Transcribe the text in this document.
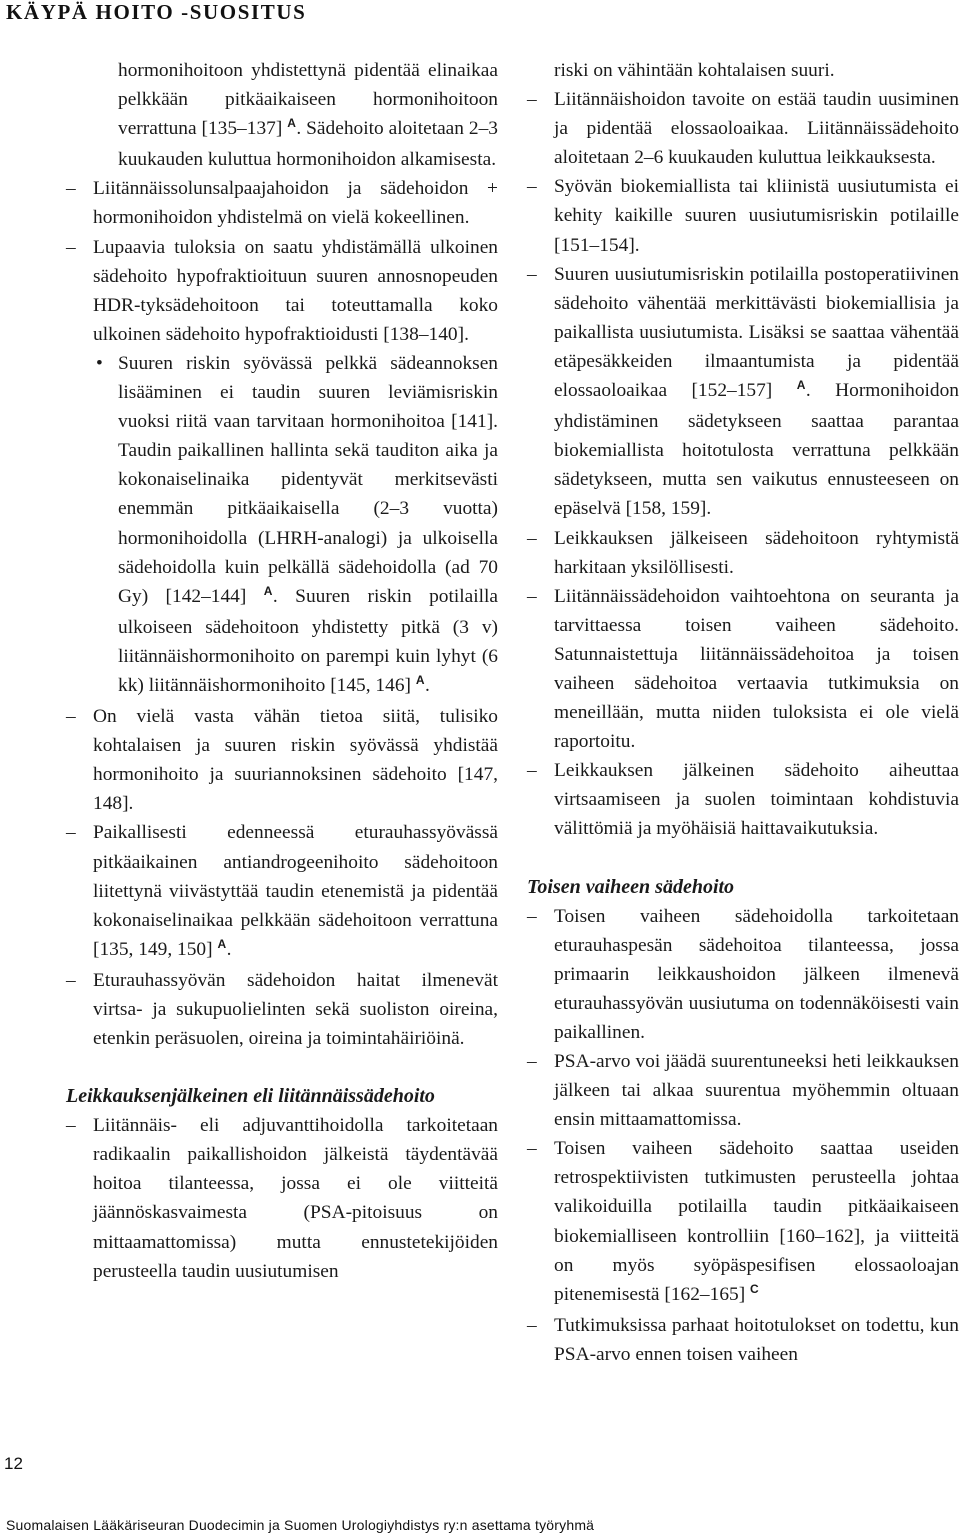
KÄYPÄ HOITO -SUOSITUS
hormonihoitoon yhdistettynä pidentää elinaikaa pelkkään pitkäaikaiseen hormonihoitoon verrattuna [135–137] $^A$. Sädehoito aloitetaan 2–3 kuukauden kuluttua hormonihoidon alkamisesta.
– Liitännäissolunsalpaajahoidon ja sädehoidon + hormonihoidon yhdistelmä on vielä kokeellinen.
– Lupaavia tuloksia on saatu yhdistämällä ulkoinen sädehoito hypofraktioituun suuren annosnopeuden HDR-tyksädehoitoon tai toteuttamalla koko ulkoinen sädehoito hypofraktioidusti [138–140].
• Suuren riskin syövässä pelkkä sädeannoksen lisääminen ei taudin suuren leviämisriskin vuoksi riitä vaan tarvitaan hormonihoitoa [141]. Taudin paikallinen hallinta sekä tauditon aika ja kokonaiselinaika pidentyvät merkitsevästi enemmän pitkäaikaisella (2–3 vuotta) hormonihoidolla (LHRH-analogi) ja ulkoisella sädehoidolla kuin pelkällä sädehoidolla (ad 70 Gy) [142–144] $^A$. Suuren riskin potilailla ulkoiseen sädehoitoon yhdistetty pitkä (3 v) liitännäishormonihoito on parempi kuin lyhyt (6 kk) liitännäishormonihoito [145, 146] $^A$.
– On vielä vasta vähän tietoa siitä, tulisiko kohtalaisen ja suuren riskin syövässä yhdistää hormonihoito ja suuriannoksinen sädehoito [147, 148].
– Paikallisesti edenneessä eturauhassyövässä pitkäaikainen antiandrogeenihoito sädehoitoon liitettynä viivästyttää taudin etenemistä ja pidentää kokonaiselinaikaa pelkkään sädehoitoon verrattuna [135, 149, 150] $^A$.
– Eturauhassyövän sädehoidon haitat ilmenevät virtsa- ja sukupuolielinten sekä suoliston oireina, etenkin peräsuolen, oireina ja toimintahäiriöinä.
Leikkauksenjälkeinen eli liitännäissädehoito
– Liitännäis- eli adjuvanttihoidolla tarkoitetaan radikaalin paikallishoidon jälkeistä täydentävää hoitoa tilanteessa, jossa ei ole viitteitä jäännöskasvaimesta (PSA-pitoisuus on mittaamattomissa) mutta ennustetekijöiden perusteella taudin uusiutumisen
riski on vähintään kohtalaisen suuri.
– Liitännäishoidon tavoite on estää taudin uusiminen ja pidentää elossaoloaikaa. Liitännäissädehoito aloitetaan 2–6 kuukauden kuluttua leikkauksesta.
– Syövän biokemiallista tai kliinistä uusiutumista ei kehity kaikille suuren uusiutumisriskin potilaille [151–154].
– Suuren uusiutumisriskin potilailla postoperatiivinen sädehoito vähentää merkittävästi biokemiallisia ja paikallista uusiutumista. Lisäksi se saattaa vähentää etäpesäkkeiden ilmaantumista ja pidentää elossaoloaikaa [152–157] $^A$. Hormonihoidon yhdistäminen sädetykseen saattaa parantaa biokemiallista hoitotulosta verrattuna pelkkään sädetykseen, mutta sen vaikutus ennusteeseen on epäselvä [158, 159].
– Leikkauksen jälkeiseen sädehoitoon ryhtymistä harkitaan yksilöllisesti.
– Liitännäissädehoidon vaihtoehtona on seuranta ja tarvittaessa toisen vaiheen sädehoito. Satunnaistettuja liitännäissädehoitoa ja toisen vaiheen sädehoitoa vertaavia tutkimuksia on meneillään, mutta niiden tuloksista ei ole vielä raportoitu.
– Leikkauksen jälkeinen sädehoito aiheuttaa virtsaamiseen ja suolen toimintaan kohdistuvia välittömiä ja myöhäisiä haittavaikutuksia.
Toisen vaiheen sädehoito
– Toisen vaiheen sädehoidolla tarkoitetaan eturauhaspesän sädehoitoa tilanteessa, jossa primaarin leikkaushoidon jälkeen ilmenevä eturauhassyövän uusiutuma on todennäköisesti vain paikallinen.
– PSA-arvo voi jäädä suurentuneeksi heti leikkauksen jälkeen tai alkaa suurentua myöhemmin oltuaan ensin mittaamattomissa.
– Toisen vaiheen sädehoito saattaa useiden retrospektiivisten tutkimusten perusteella johtaa valikoiduilla potilailla taudin pitkäaikaiseen biokemialliseen kontrolliin [160–162], ja viitteitä on myös syöpäspesifisen elossaoloajan pitenemisestä [162–165] $^C$
– Tutkimuksissa parhaat hoitotulokset on todettu, kun PSA-arvo ennen toisen vaiheen
12
Suomalaisen Lääkäriseuran Duodecimin ja Suomen Urologiyhdistys ry:n asettama työryhmä
